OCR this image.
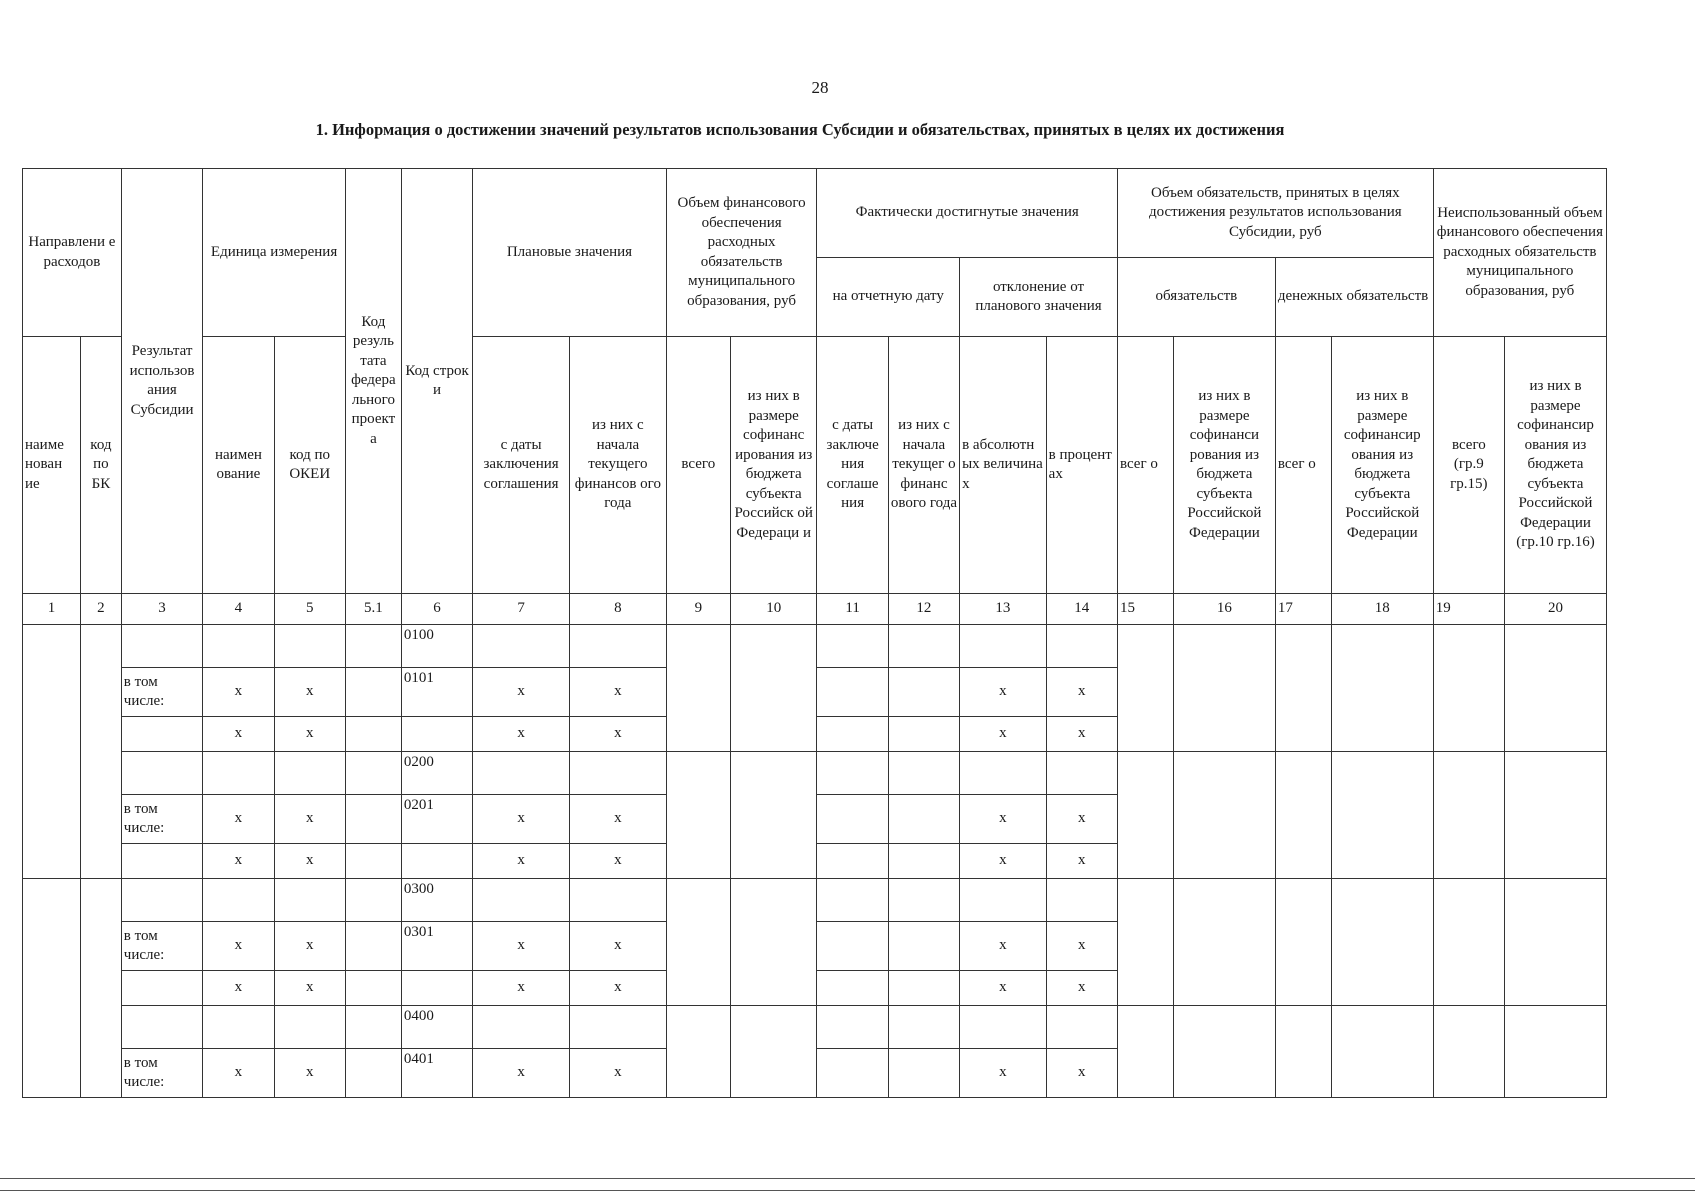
28
1. Информация о достижении значений результатов использования Субсидии и обязательствах, принятых в целях их достижения
Направлени е расходов		Результат использов ания Субсидии	Единица измерения		Код резуль тата федера льного проект а	Код строк и	Плановые значения		Объем финансового обеспечения расходных обязательств муниципального образования, руб		Фактически достигнутые значения				Объем обязательств, принятых в целях достижения результатов использования Субсидии, руб				Неиспользованный объем финансового обеспечения расходных обязательств муниципального образования, руб	
											на отчетную дату		отклонение от планового значения		обязательств		денежных обязательств			
наиме нован ие	код по БК		наимен ование	код по ОКЕИ			с даты заключения соглашения	из них с начала текущего финансов ого года	всего	из них в размере софинанс ирования из бюджета субъекта Российск ой Федераци и	с даты заключе ния соглаше ния	из них с начала текущег о финанс ового года	в абсолютн ых величина х	в процент ах	всег о	из них в размере софинанси рования из бюджета субъекта Российской Федерации	всег о	из них в размере софинансир ования из бюджета субъекта Российской Федерации	всего (гр.9 гр.15)	из них в размере софинансир ования из бюджета субъекта Российской Федерации (гр.10 гр.16)
1	2	3	4	5	5.1	6	7	8	9	10	11	12	13	14	15	16	17	18	19	20
						0100														
		в том числе:	x	x		0101	x	x					x	x						
			x	x			x	x					x	x						
						0200														
		в том числе:	x	x		0201	x	x					x	x						
			x	x			x	x					x	x						
						0300														
		в том числе:	x	x		0301	x	x					x	x						
			x	x			x	x					x	x						
						0400														
		в том числе:	x	x		0401	x	x					x	x						
